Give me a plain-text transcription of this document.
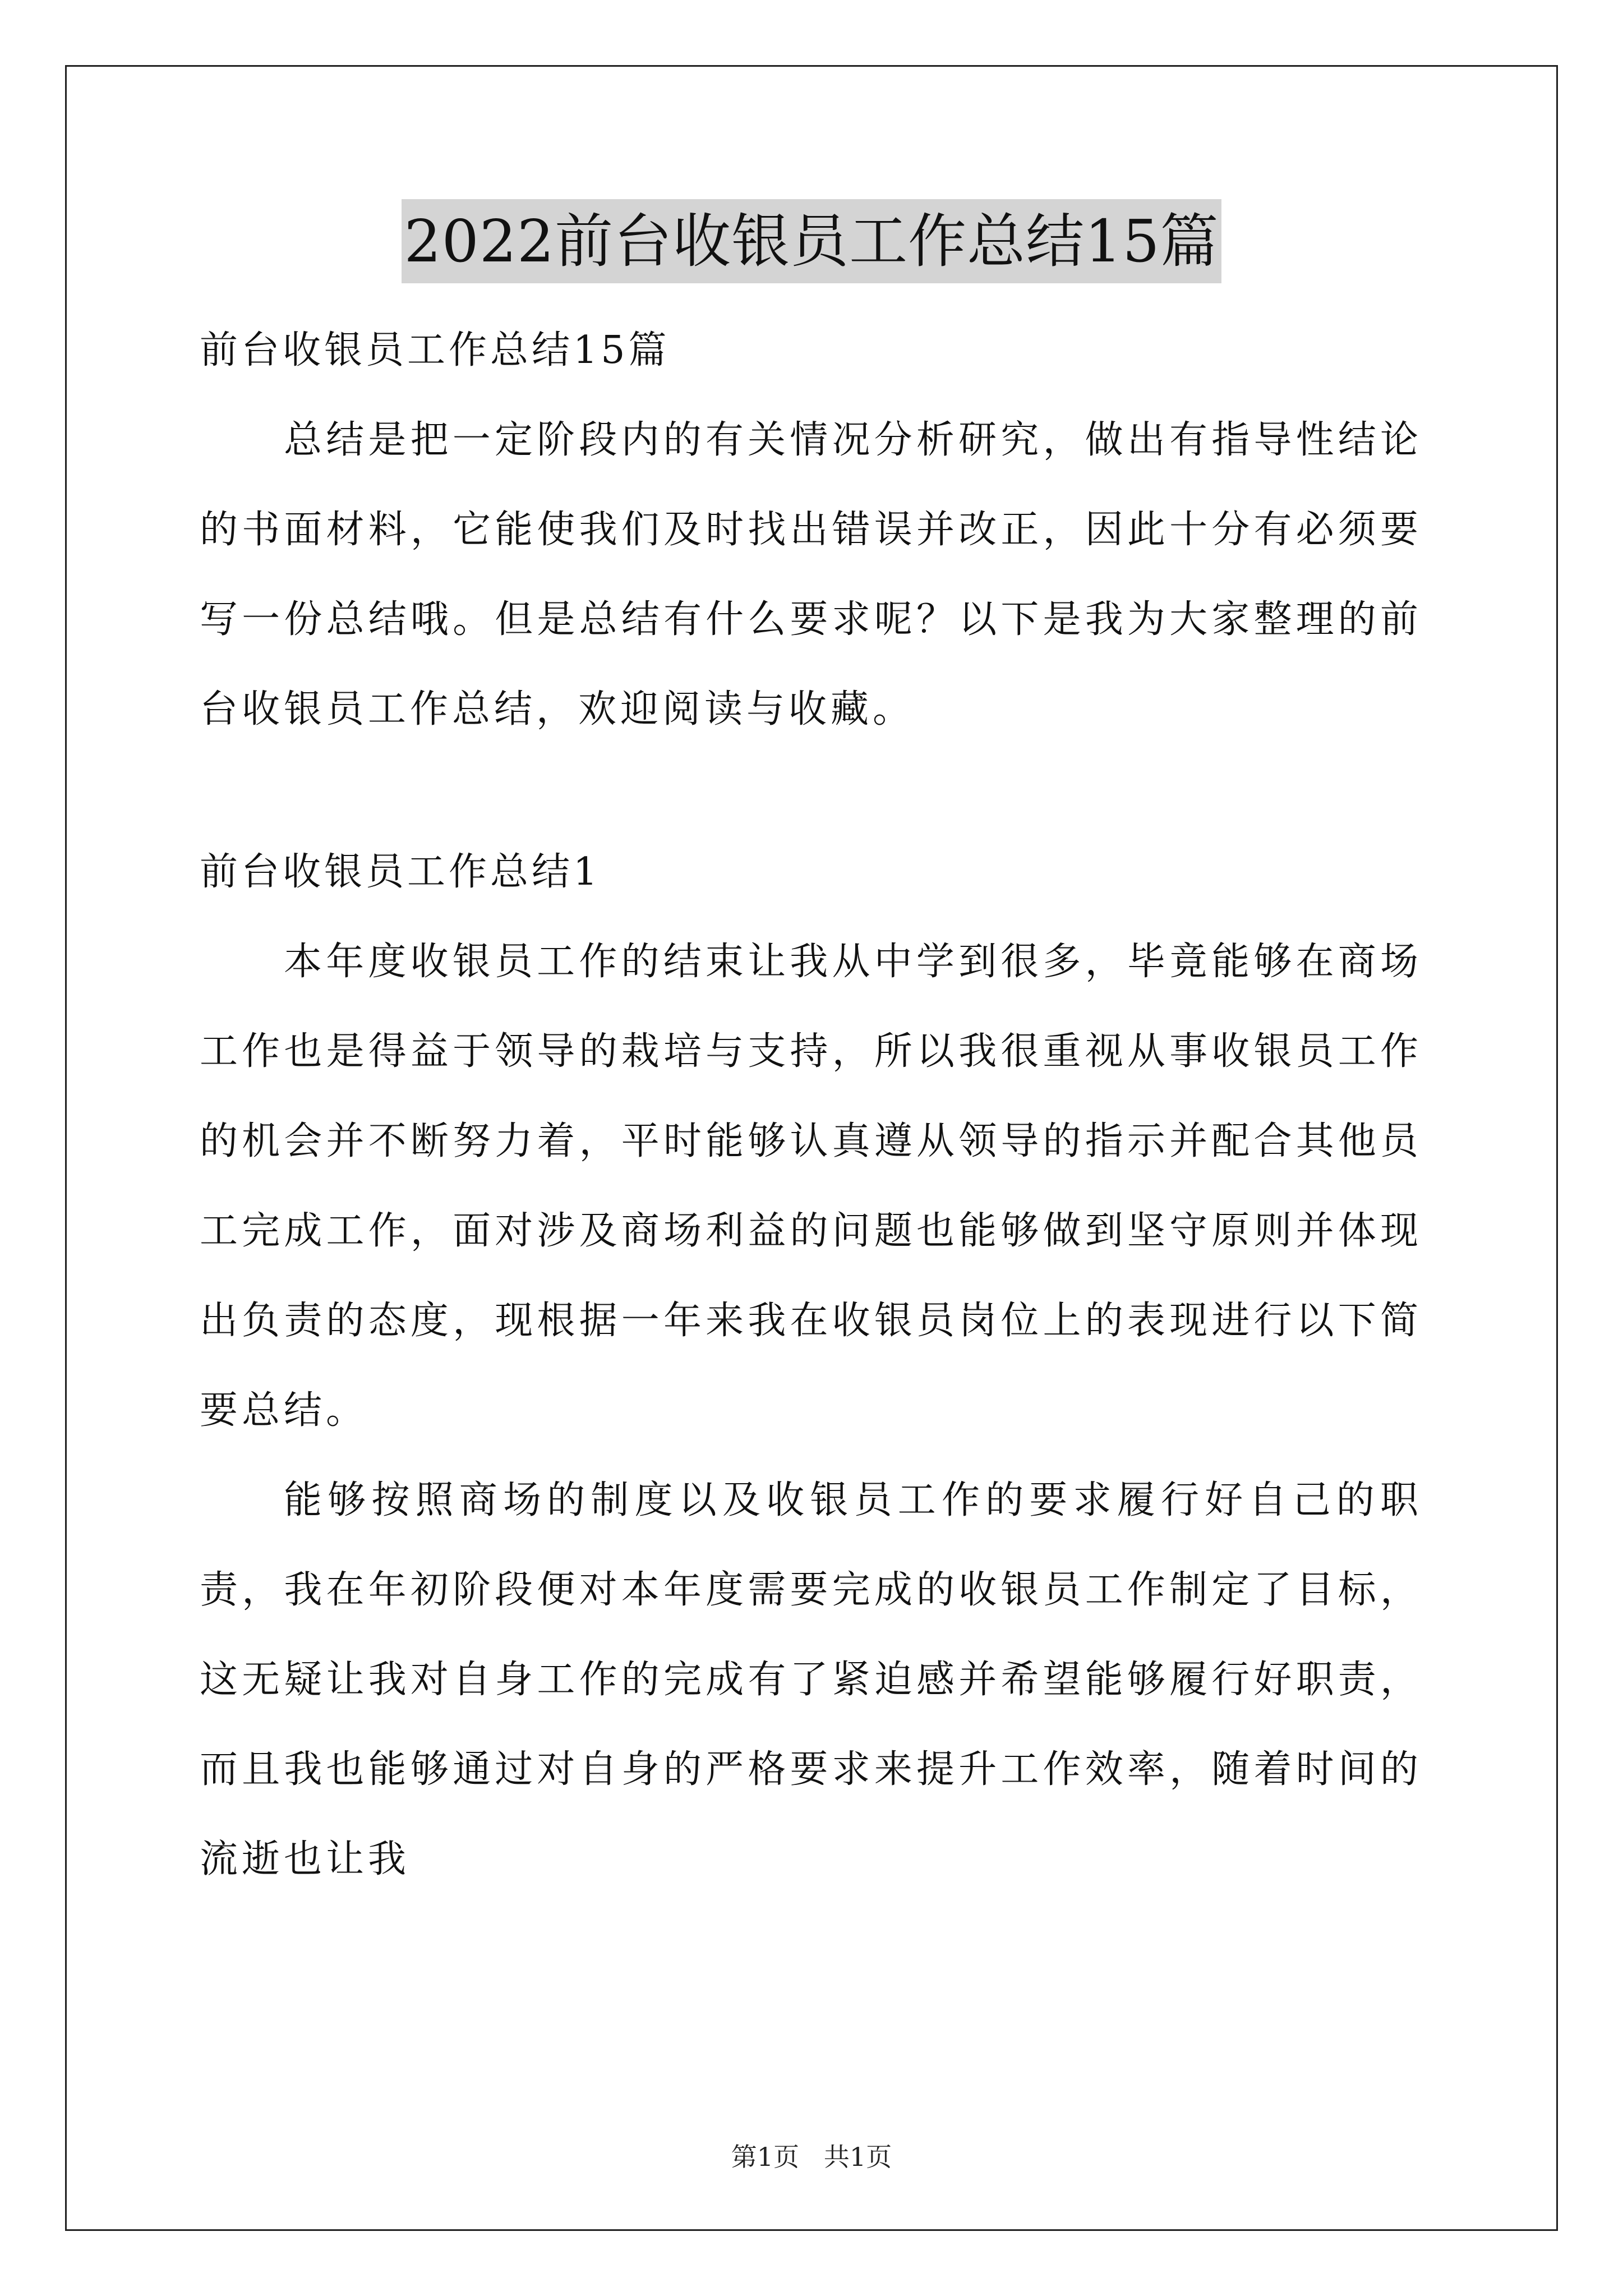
2022前台收银员工作总结15篇

前台收银员工作总结15篇

总结是把一定阶段内的有关情况分析研究，做出有指导性结论的书面材料，它能使我们及时找出错误并改正，因此十分有必须要写一份总结哦。但是总结有什么要求呢？以下是我为大家整理的前台收银员工作总结，欢迎阅读与收藏。

前台收银员工作总结1

本年度收银员工作的结束让我从中学到很多，毕竟能够在商场工作也是得益于领导的栽培与支持，所以我很重视从事收银员工作的机会并不断努力着，平时能够认真遵从领导的指示并配合其他员工完成工作，面对涉及商场利益的问题也能够做到坚守原则并体现出负责的态度，现根据一年来我在收银员岗位上的表现进行以下简要总结。

能够按照商场的制度以及收银员工作的要求履行好自己的职责，我在年初阶段便对本年度需要完成的收银员工作制定了目标，这无疑让我对自身工作的完成有了紧迫感并希望能够履行好职责，而且我也能够通过对自身的严格要求来提升工作效率，随着时间的流逝也让我

第1页   共1页
